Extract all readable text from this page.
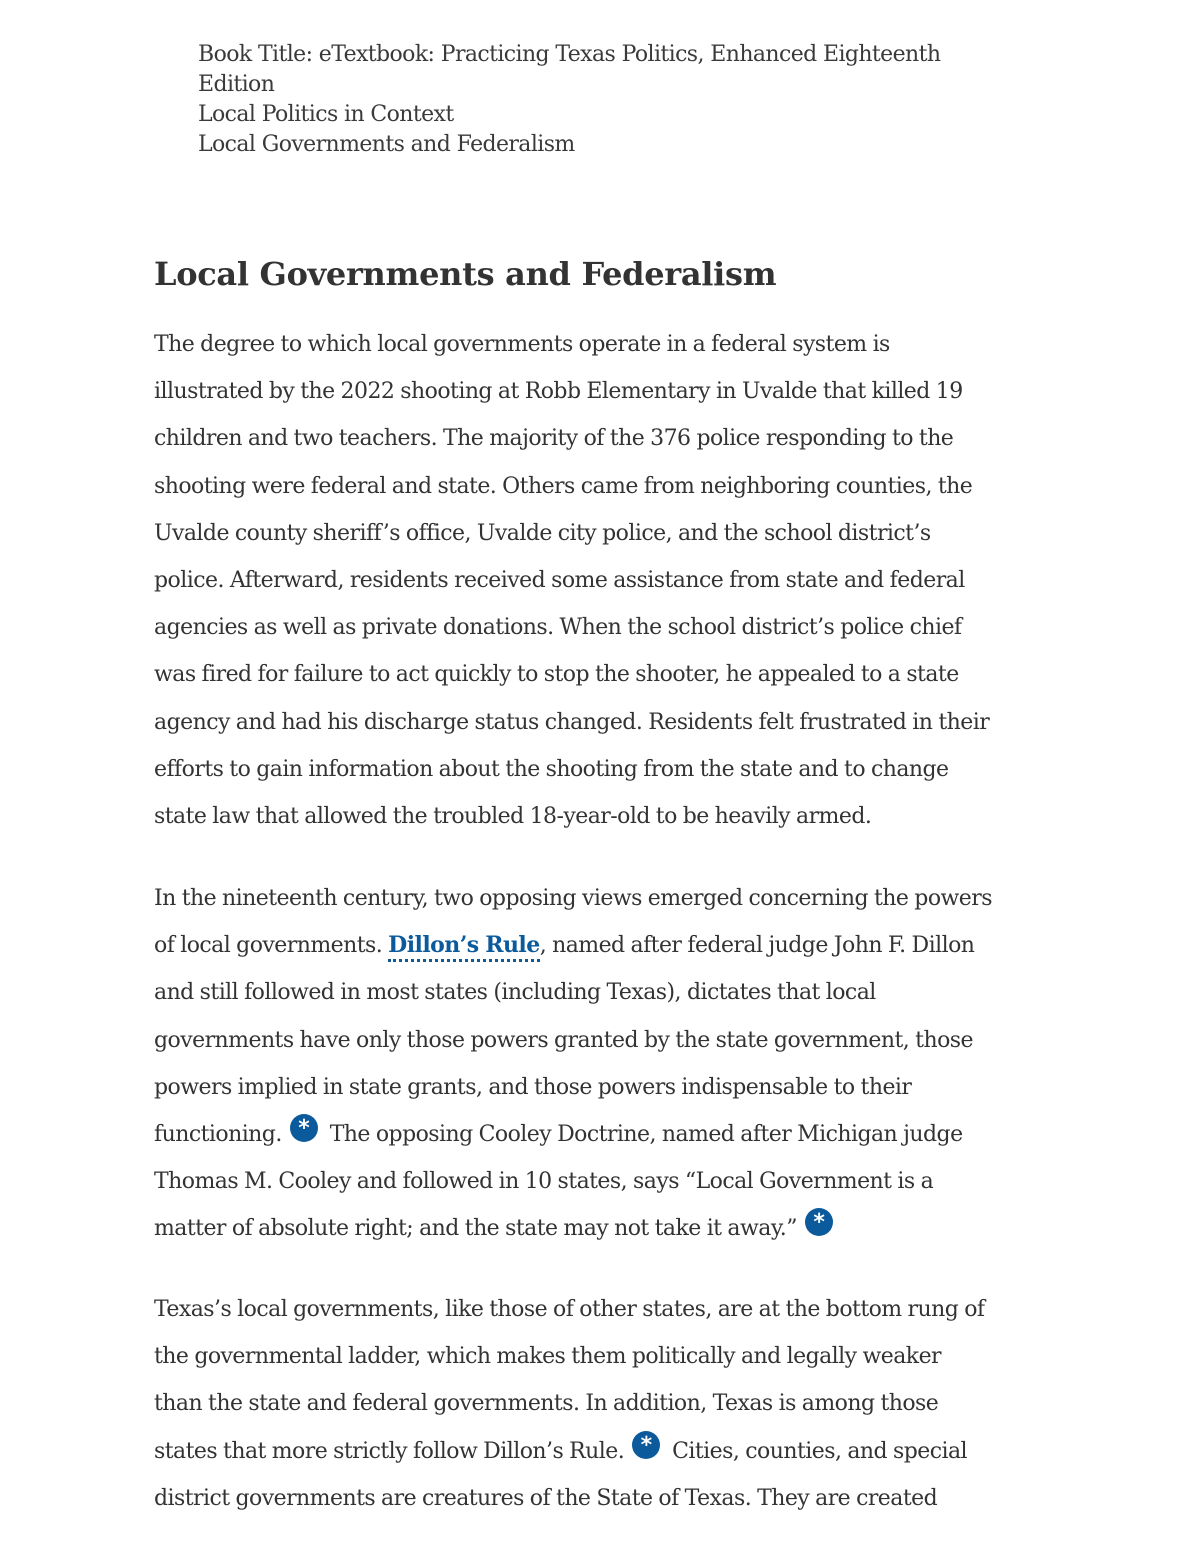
Book Title: eTextbook: Practicing Texas Politics, Enhanced Eighteenth
Edition
Local Politics in Context
Local Governments and Federalism
Local Governments and Federalism

The degree to which local governments operate in a federal system is
illustrated by the 2022 shooting at Robb Elementary in Uvalde that killed 19
children and two teachers. The majority of the 376 police responding to the
shooting were federal and state. Others came from neighboring counties, the
Uvalde county sheriff’s office, Uvalde city police, and the school district’s
police. Afterward, residents received some assistance from state and federal
agencies as well as private donations. When the school district’s police chief
was fired for failure to act quickly to stop the shooter, he appealed to a state
agency and had his discharge status changed. Residents felt frustrated in their
efforts to gain information about the shooting from the state and to change
state law that allowed the troubled 18-year-old to be heavily armed.

In the nineteenth century, two opposing views emerged concerning the powers
of local governments. Dillon’s Rule, named after federal judge John F. Dillon
and still followed in most states (including Texas), dictates that local
governments have only those powers granted by the state government, those
powers implied in state grants, and those powers indispensable to their
functioning. * The opposing Cooley Doctrine, named after Michigan judge
Thomas M. Cooley and followed in 10 states, says “Local Government is a
matter of absolute right; and the state may not take it away.” *

Texas’s local governments, like those of other states, are at the bottom rung of
the governmental ladder, which makes them politically and legally weaker
than the state and federal governments. In addition, Texas is among those
states that more strictly follow Dillon’s Rule. * Cities, counties, and special
district governments are creatures of the State of Texas. They are created
